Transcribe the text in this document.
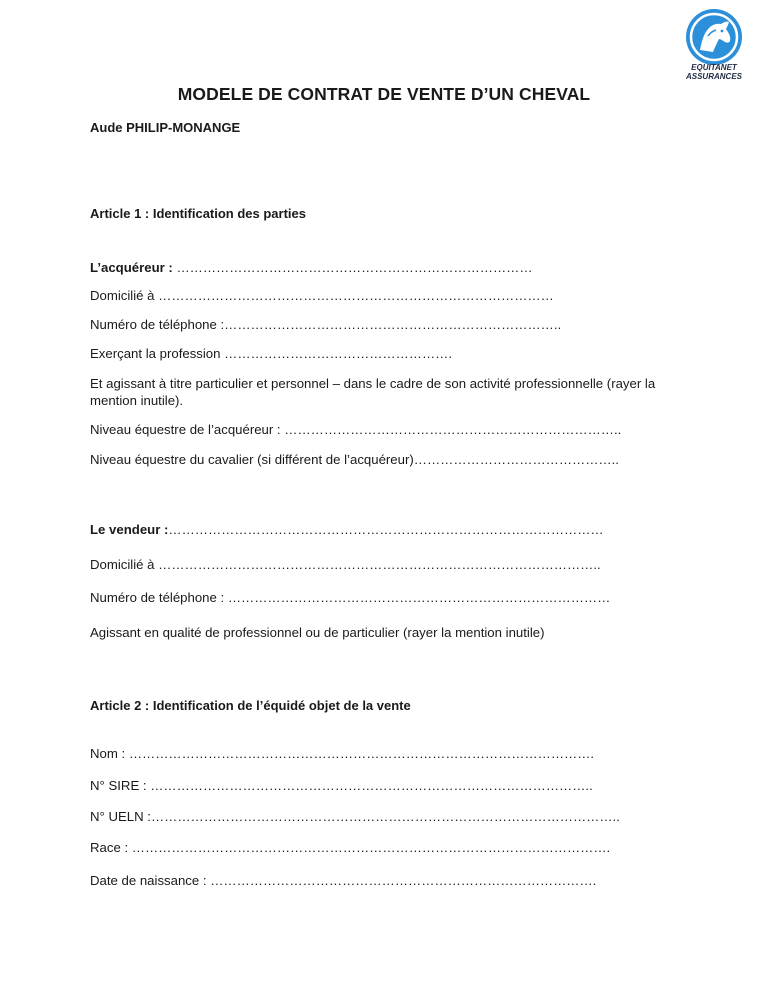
EQUITANET
ASSURANCES
MODELE DE CONTRAT DE VENTE D’UN CHEVAL
Aude PHILIP-MONANGE
Article 1 : Identification des parties
L’acquéreur : ………………………………………………………………………
Domicilié à ………………………………………………………………………………
Numéro de téléphone :…………………………………………………………………..
Exerçant la profession …………………………………………….
Et agissant à titre particulier et personnel – dans le cadre de son activité professionnelle (rayer la mention inutile).
Niveau équestre de l’acquéreur : …………………………………………………………………..
Niveau équestre du cavalier (si différent de l’acquéreur)………………………………………..
Le vendeur :………………………………………………………………………………………
Domicilié à ………………………………………………………………………………………..
Numéro de téléphone : ……………………………………………………………………………
Agissant en qualité de professionnel ou de particulier (rayer la mention inutile)
Article 2 : Identification de l’équidé objet de la vente
Nom : …………………………………………………………………………………………….
N° SIRE : ………………………………………………………………………………………..
N° UELN :……………………………………………………………………………………………..
Race : ……………………………………………………………………………………………….
Date de naissance : …………………………………………………………………………….
